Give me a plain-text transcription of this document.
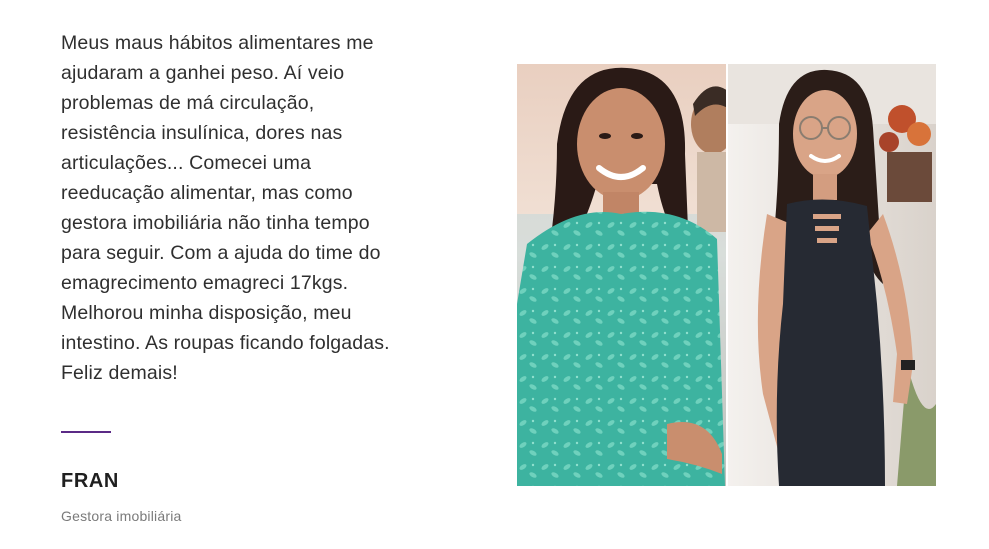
Meus maus hábitos alimentares me
ajudaram a ganhei peso. Aí veio
problemas de má circulação,
resistência insulínica, dores nas
articulações... Comecei uma
reeducação alimentar, mas como
gestora imobiliária não tinha tempo
para seguir. Com a ajuda do time do
emagrecimento emagreci 17kgs.
Melhorou minha disposição, meu
intestino. As roupas ficando folgadas.
Feliz demais!
FRAN
Gestora imobiliária
